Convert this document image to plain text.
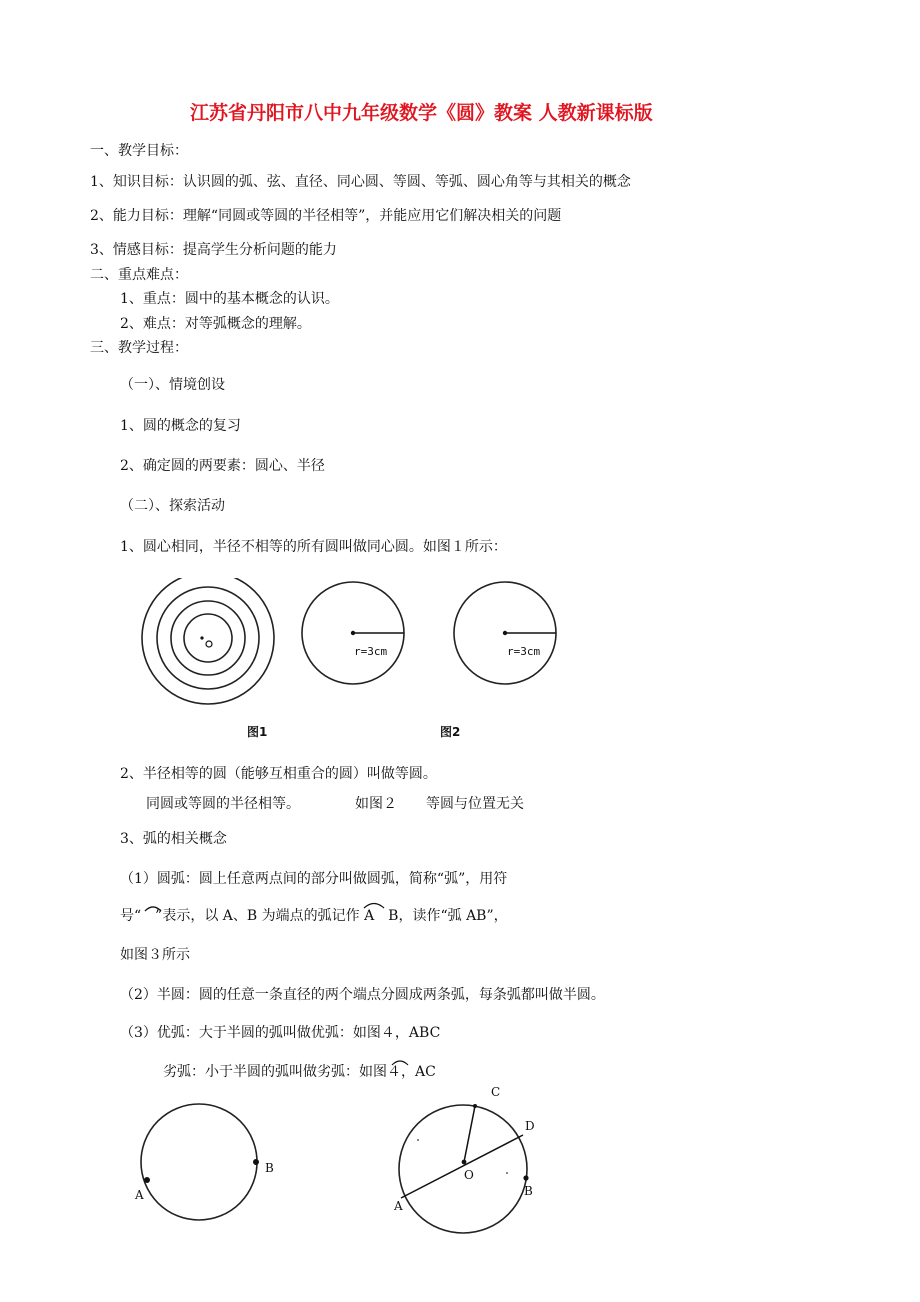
江苏省丹阳市八中九年级数学《圆》教案 人教新课标版
一、教学目标：
1、知识目标：认识圆的弧、弦、直径、同心圆、等圆、等弧、圆心角等与其相关的概念
2、能力目标：理解“同圆或等圆的半径相等”，并能应用它们解决相关的问题
3、情感目标：提高学生分析问题的能力
二、重点难点：
1、重点：圆中的基本概念的认识。
2、难点：对等弧概念的理解。
三、教学过程：
（一）、情境创设
1、圆的概念的复习
2、确定圆的两要素：圆心、半径
（二）、探索活动
1、圆心相同，半径不相等的所有圆叫做同心圆。如图１所示：
r=3cm	r=3cm
图1	图2
2、半径相等的圆（能够互相重合的圆）叫做等圆。
同圆或等圆的半径相等。	如图２ 等圆与位置无关
3、弧的相关概念
（1）圆弧：圆上任意两点间的部分叫做圆弧，简称“弧”，用符
号“　”表示，以 A、B 为端点的弧记作 A　B，读作“弧 AB”，
如图３所示
（2）半圆：圆的任意一条直径的两个端点分圆成两条弧，每条弧都叫做半圆。
（3）优弧：大于半圆的弧叫做优弧：如图４，ABC
劣弧：小于半圆的弧叫做劣弧：如图４，AC
A
B
A
B
C
D
O
